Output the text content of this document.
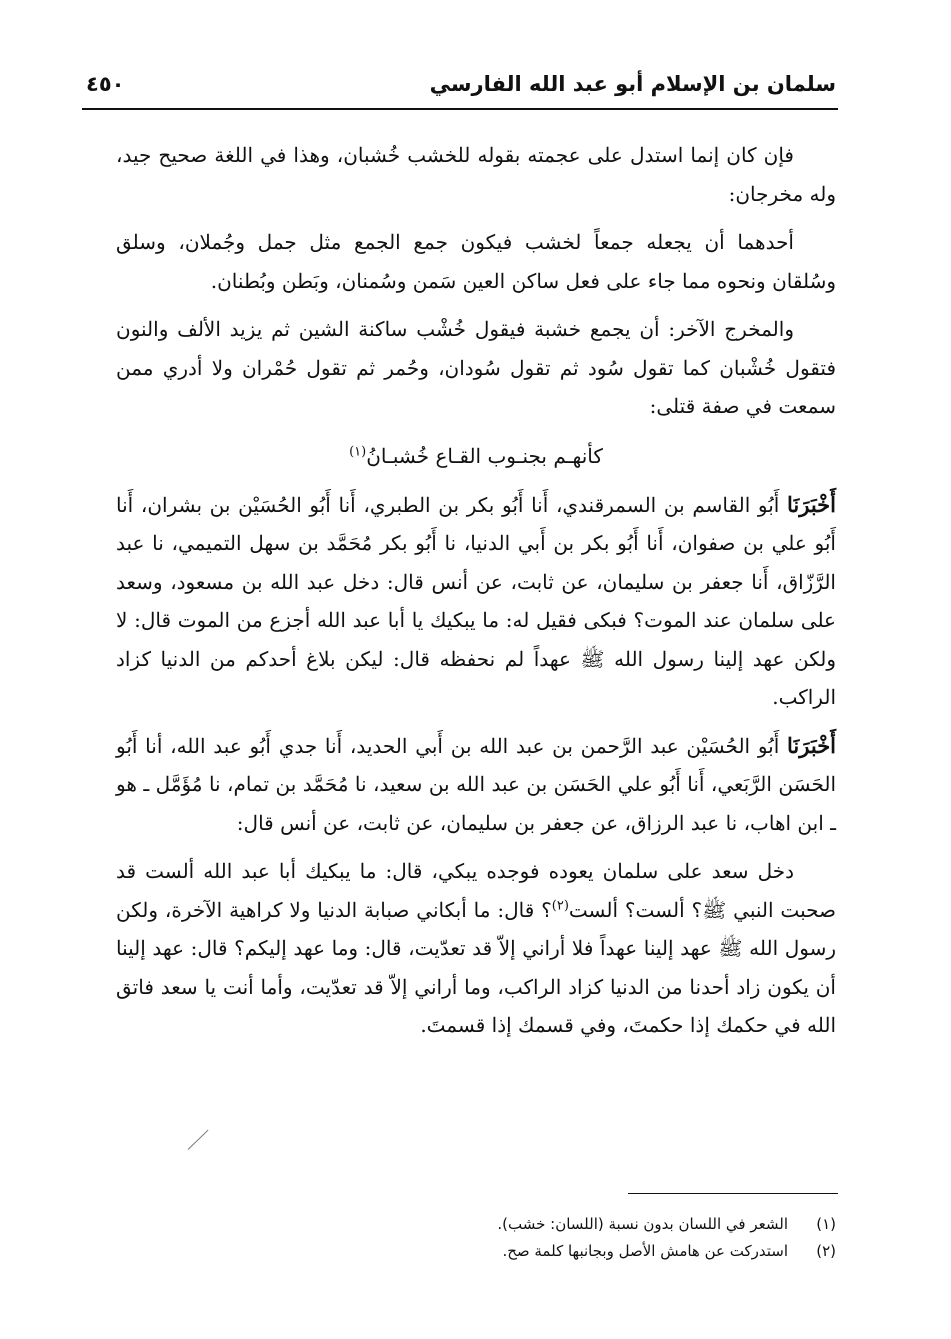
سلمان بن الإسلام أبو عبد الله الفارسي
٤٥٠

فإن كان إنما استدل على عجمته بقوله للخشب خُشبان، وهذا في اللغة صحيح جيد، وله مخرجان:

أحدهما أن يجعله جمعاً لخشب فيكون جمع الجمع مثل جمل وجُملان، وسلق وسُلقان ونحوه مما جاء على فعل ساكن العين سَمن وسُمنان، وبَطن وبُطنان.

والمخرج الآخر: أن يجمع خشبة فيقول خُشْب ساكنة الشين ثم يزيد الألف والنون فتقول خُشْبان كما تقول سُود ثم تقول سُودان، وحُمر ثم تقول حُمْران ولا أدري ممن سمعت في صفة قتلى:

كأنهـم بجنـوب القـاع خُشبـانُ$^{(١)}$

أَخْبَرَنَا أَبُو القاسم بن السمرقندي، أَنا أَبُو بكر بن الطبري، أَنا أَبُو الحُسَيْن بن بشران، أَنا أَبُو علي بن صفوان، أَنا أَبُو بكر بن أَبي الدنيا، نا أَبُو بكر مُحَمَّد بن سهل التميمي، نا عبد الرَّزّاق، أَنا جعفر بن سليمان، عن ثابت، عن أنس قال: دخل عبد الله بن مسعود، وسعد على سلمان عند الموت؟ فبكى فقيل له: ما يبكيك يا أبا عبد الله أجزع من الموت قال: لا ولكن عهد إلينا رسول الله ﷺ عهداً لم نحفظه قال: ليكن بلاغ أحدكم من الدنيا كزاد الراكب.

أَخْبَرَنَا أَبُو الحُسَيْن عبد الرَّحمن بن عبد الله بن أَبي الحديد، أَنا جدي أَبُو عبد الله، أنا أَبُو الحَسَن الرَّبَعي، أَنا أَبُو علي الحَسَن بن عبد الله بن سعيد، نا مُحَمَّد بن تمام، نا مُؤَمَّل ـ هو ـ ابن اهاب، نا عبد الرزاق، عن جعفر بن سليمان، عن ثابت، عن أنس قال:

دخل سعد على سلمان يعوده فوجده يبكي، قال: ما يبكيك أبا عبد الله ألست قد صحبت النبي ﷺ؟ ألست؟ ألست$^{(٢)}$؟ قال: ما أبكاني صبابة الدنيا ولا كراهية الآخرة، ولكن رسول الله ﷺ عهد إلينا عهداً فلا أراني إلاّ قد تعدّيت، قال: وما عهد إليكم؟ قال: عهد إلينا أن يكون زاد أحدنا من الدنيا كزاد الراكب، وما أراني إلاّ قد تعدّيت، وأما أنت يا سعد فاتق الله في حكمك إذا حكمتَ، وفي قسمك إذا قسمتَ.

(١)الشعر في اللسان بدون نسبة (اللسان: خشب).
(٢)استدركت عن هامش الأصل وبجانبها كلمة صح.
